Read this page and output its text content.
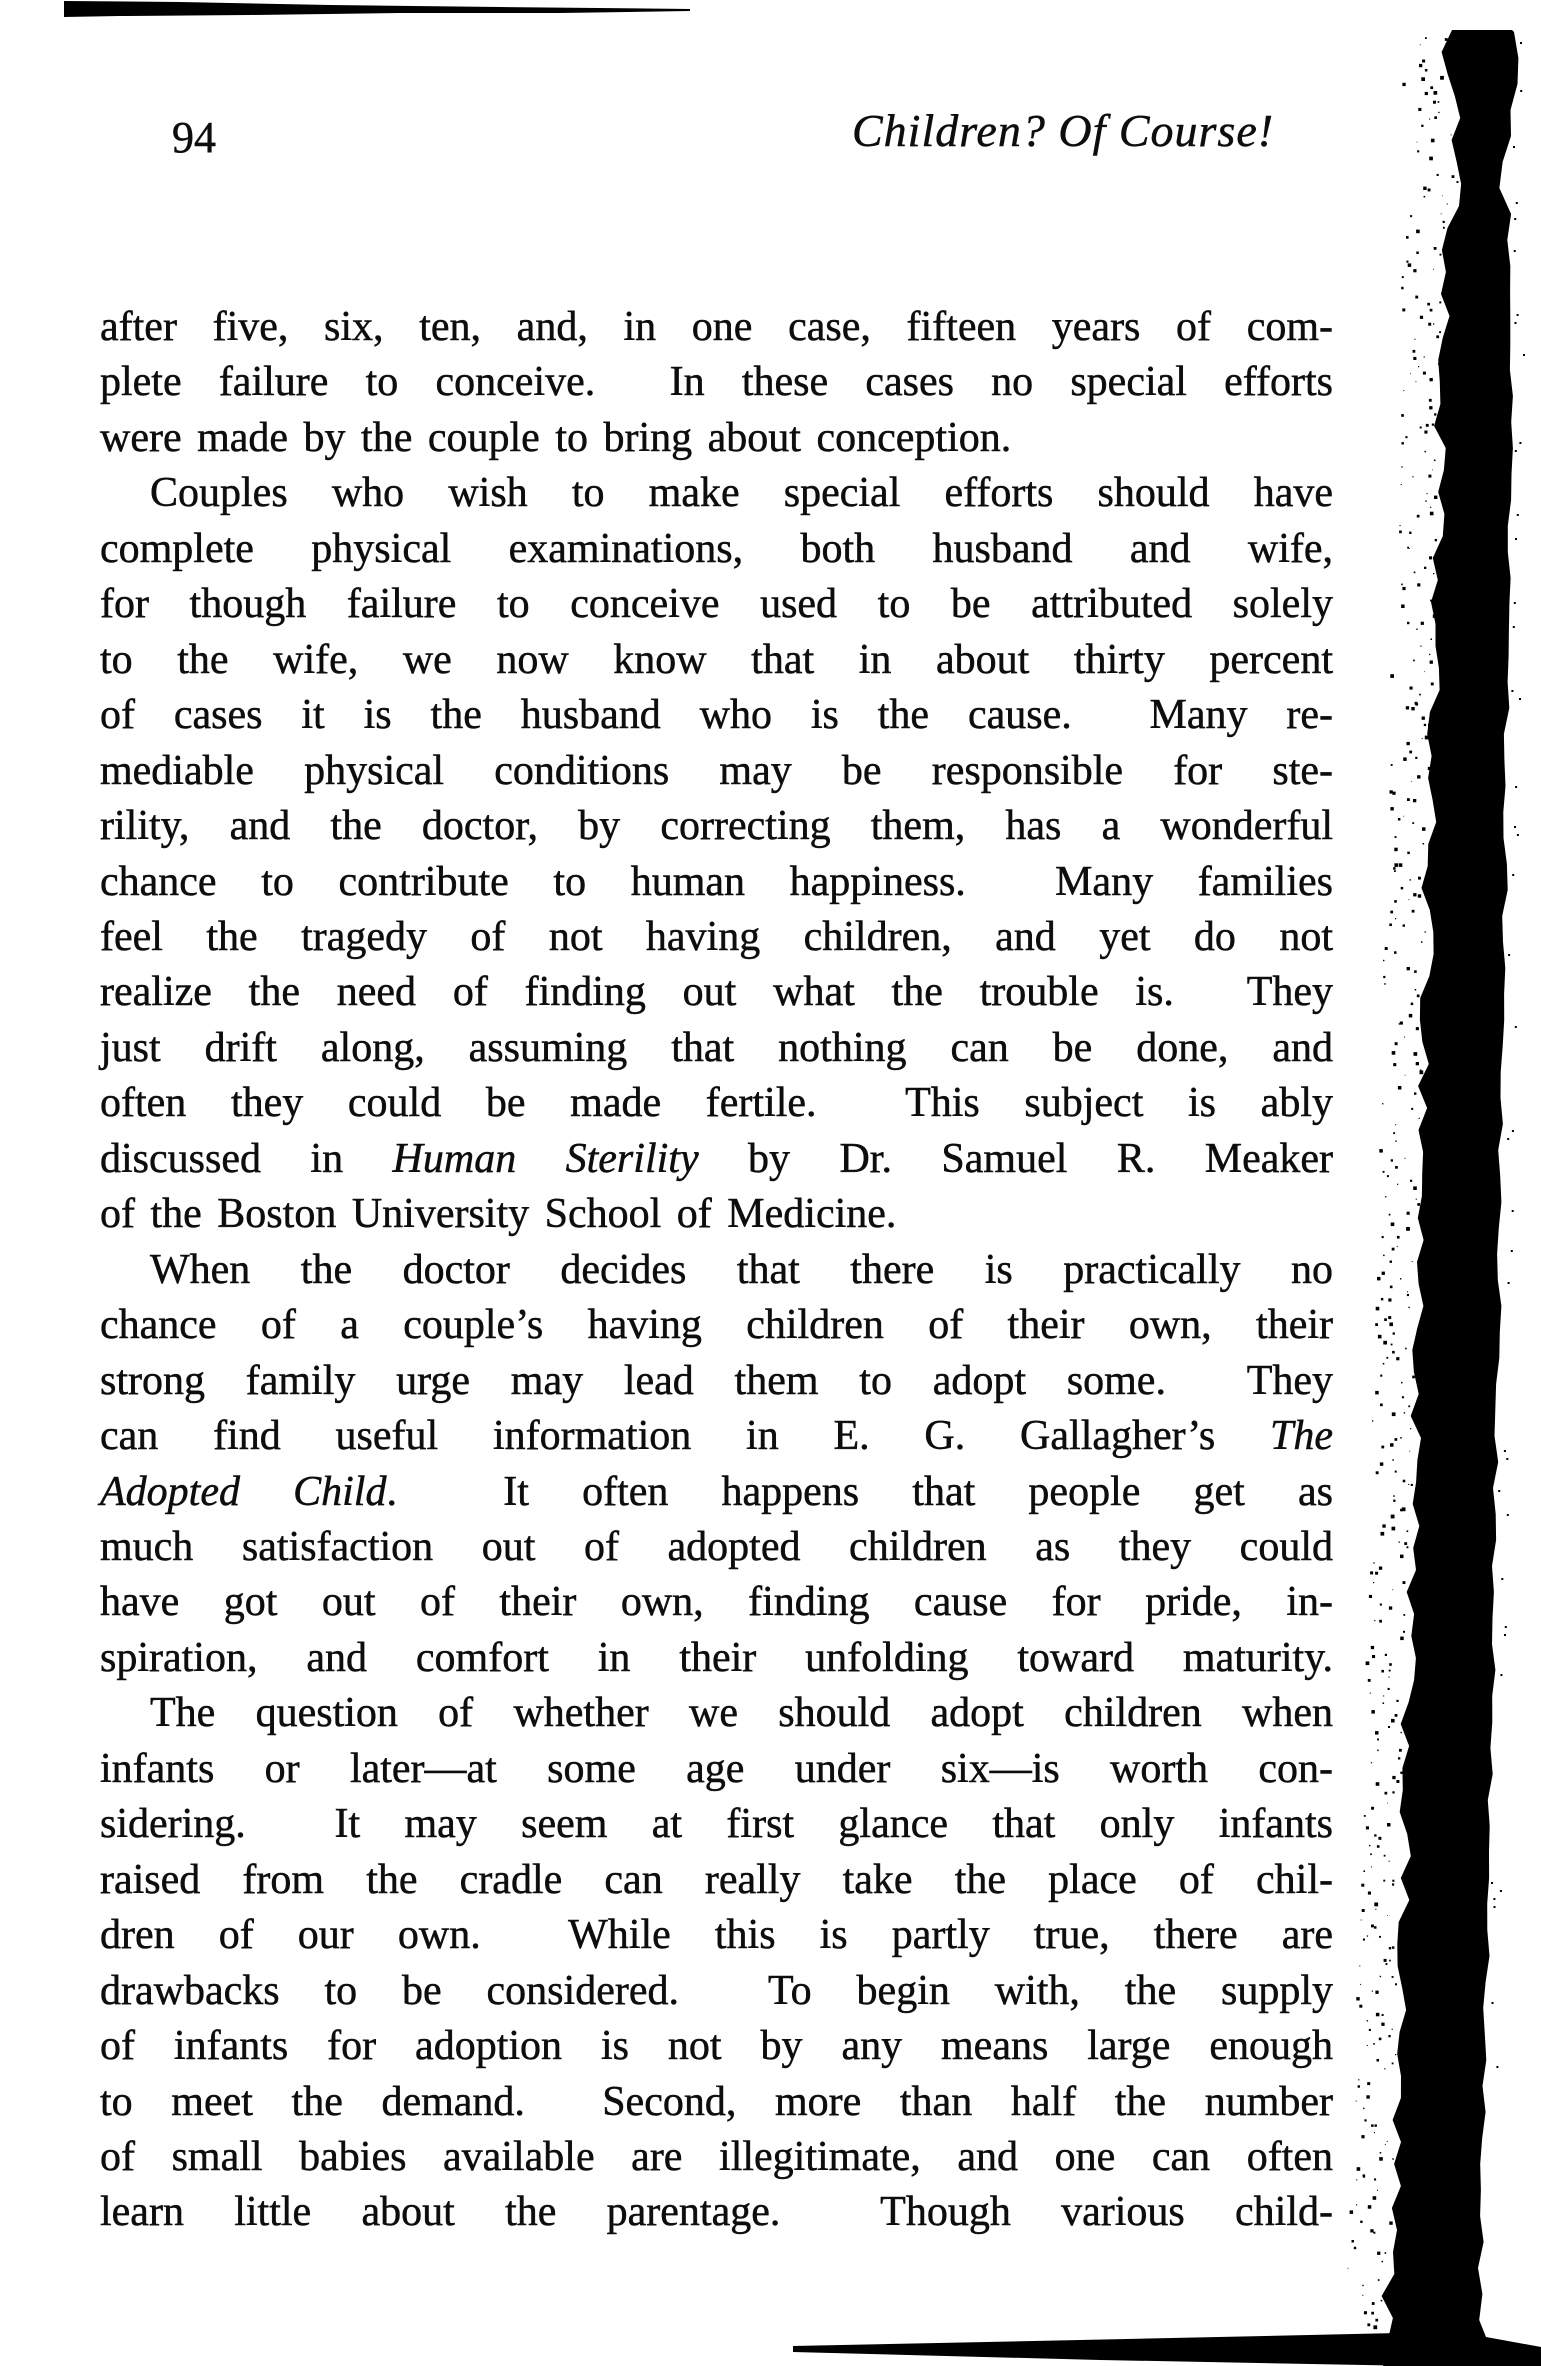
94	Children? Of Course!
after five, six, ten, and, in one case, fifteen years of com-
plete failure to conceive.  In these cases no special efforts
were made by the couple to bring about conception.
Couples who wish to make special efforts should have
complete physical examinations, both husband and wife,
for though failure to conceive used to be attributed solely
to the wife, we now know that in about thirty percent
of cases it is the husband who is the cause.  Many re-
mediable physical conditions may be responsible for ste-
rility, and the doctor, by correcting them, has a wonderful
chance to contribute to human happiness.  Many families
feel the tragedy of not having children, and yet do not
realize the need of finding out what the trouble is.  They
just drift along, assuming that nothing can be done, and
often they could be made fertile.  This subject is ably
discussed in Human Sterility by Dr. Samuel R. Meaker
of the Boston University School of Medicine.
When the doctor decides that there is practically no
chance of a couple’s having children of their own, their
strong family urge may lead them to adopt some.  They
can find useful information in E. G. Gallagher’s The
Adopted Child.  It often happens that people get as
much satisfaction out of adopted children as they could
have got out of their own, finding cause for pride, in-
spiration, and comfort in their unfolding toward maturity.
The question of whether we should adopt children when
infants or later—at some age under six—is worth con-
sidering.  It may seem at first glance that only infants
raised from the cradle can really take the place of chil-
dren of our own.  While this is partly true, there are
drawbacks to be considered.  To begin with, the supply
of infants for adoption is not by any means large enough
to meet the demand.  Second, more than half the number
of small babies available are illegitimate, and one can often
learn little about the parentage.  Though various child-
